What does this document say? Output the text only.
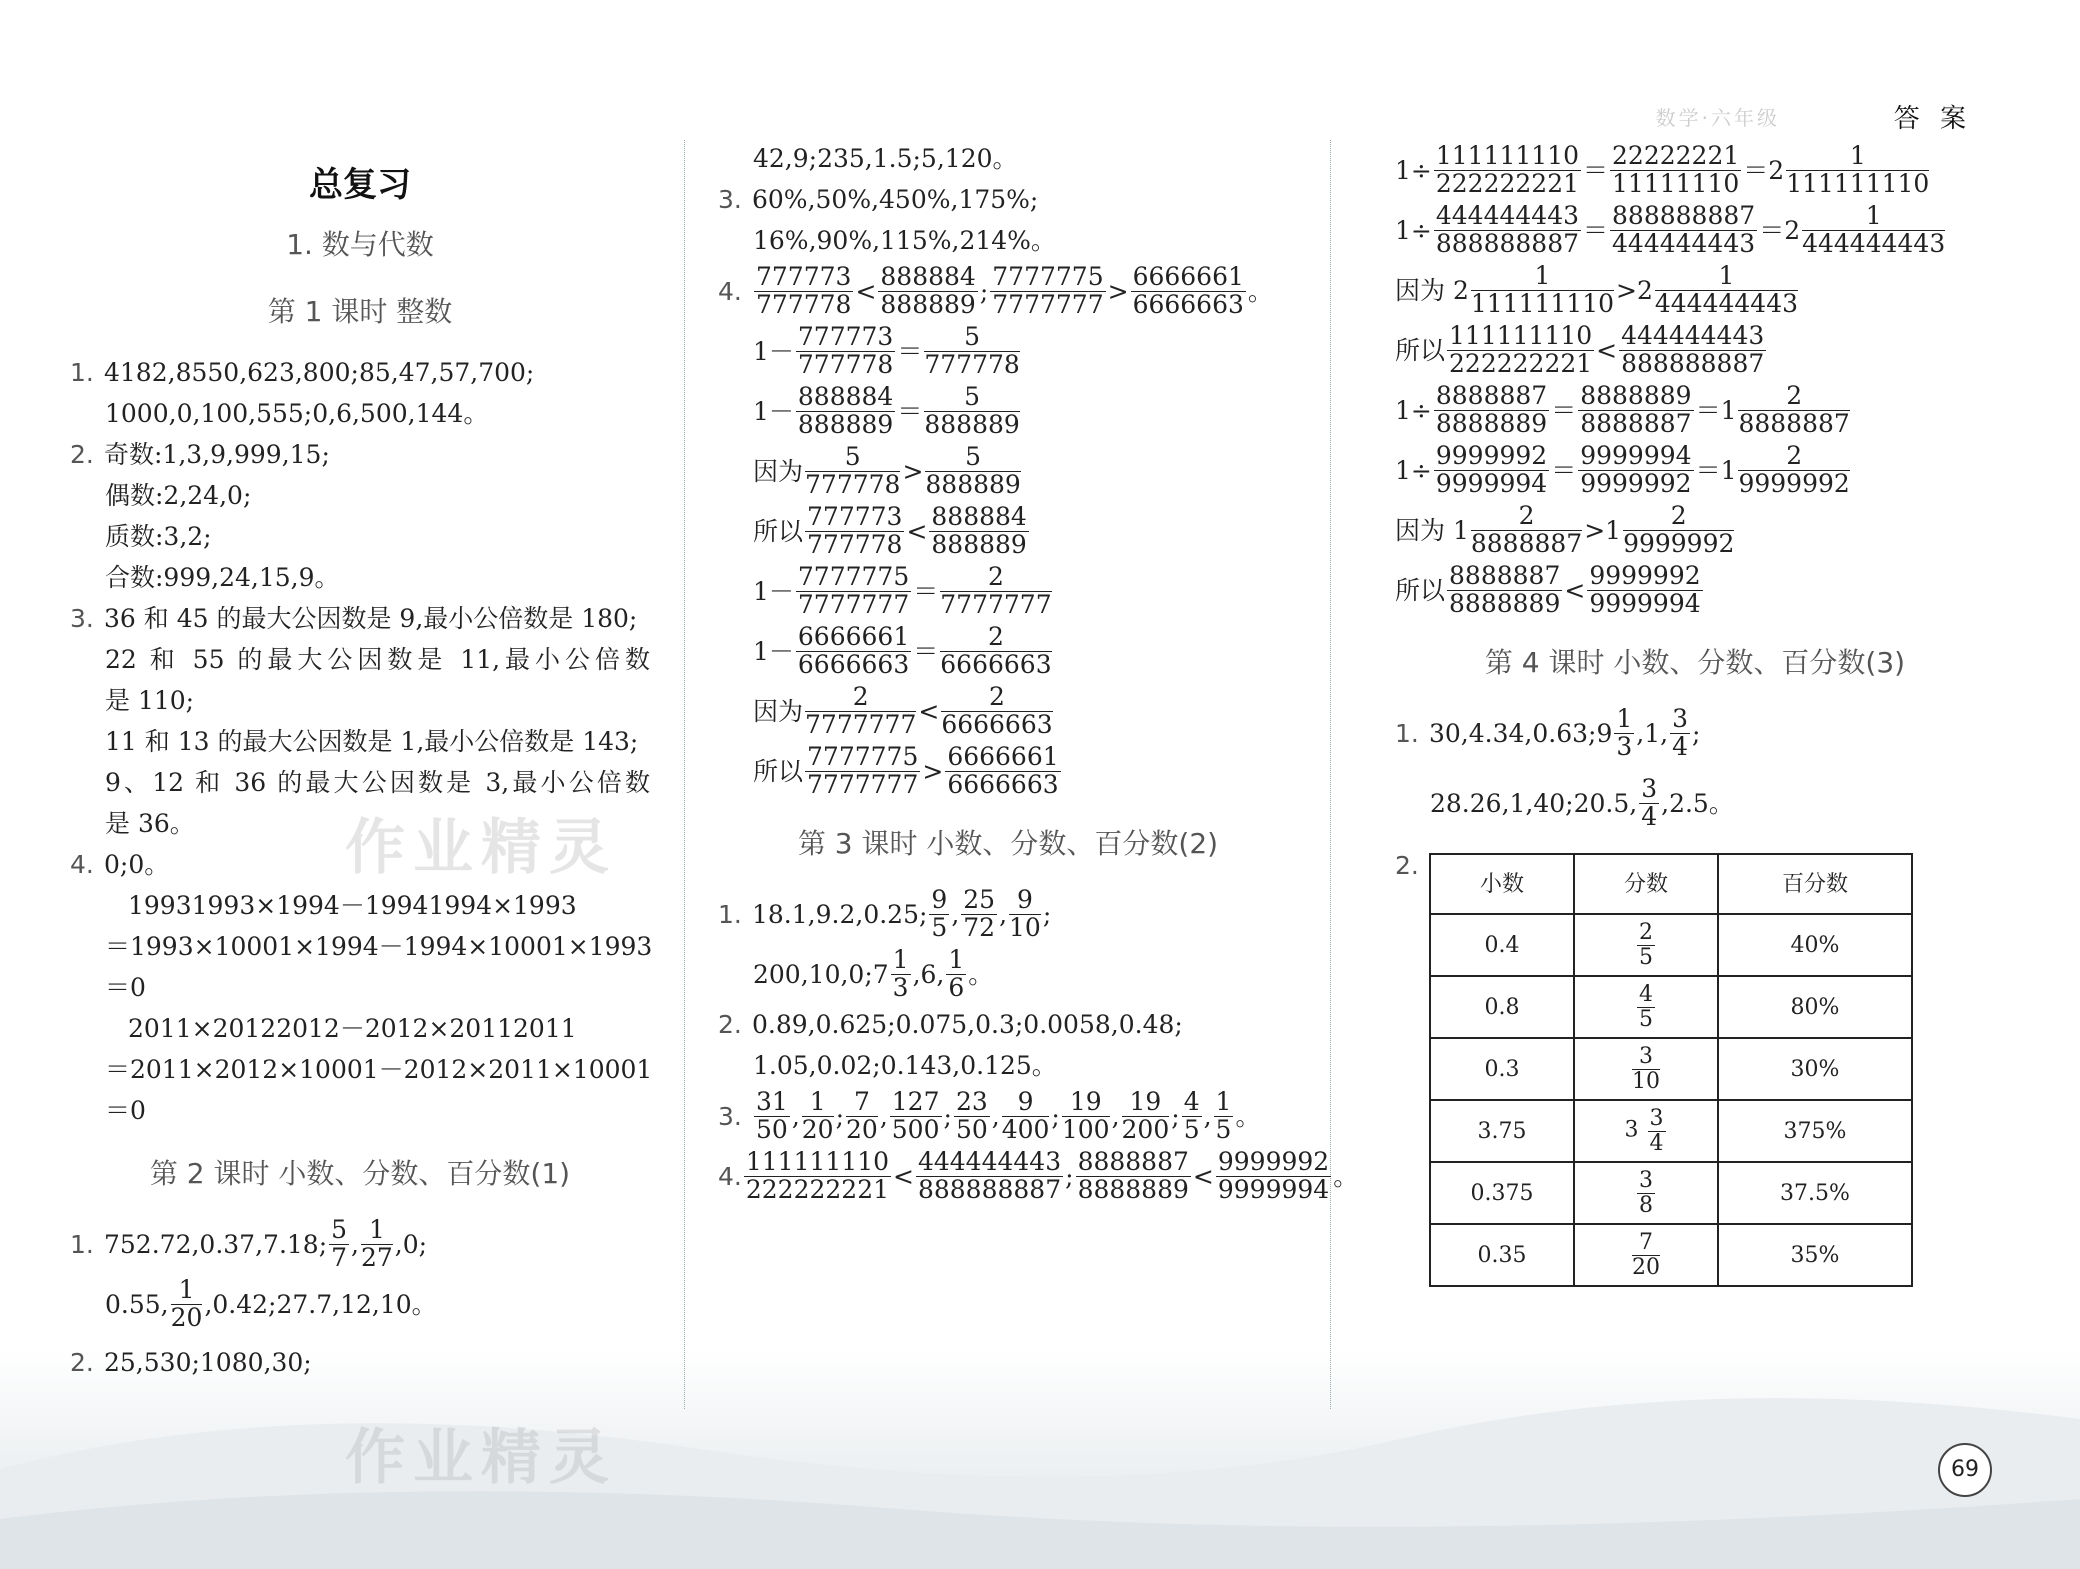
数学·六年级	答 案
作业精灵
作业精灵
总复习
1. 数与代数
第 1 课时 整数
1. 4182,8550,623,800;85,47,57,700;
1000,0,100,555;0,6,500,144。
2. 奇数:1,3,9,999,15;
偶数:2,24,0;
质数:3,2;
合数:999,24,15,9。
3. 36 和 45 的最大公因数是 9,最小公倍数是 180;
22 和 55 的最大公因数是 11,最小公倍数
是 110;
11 和 13 的最大公因数是 1,最小公倍数是 143;
9、12 和 36 的最大公因数是 3,最小公倍数
是 36。
4. 0;0。
19931993×1994－19941994×1993
＝1993×10001×1994－1994×10001×1993
＝0
2011×20122012－2012×20112011
＝2011×2012×10001－2012×2011×10001
＝0
第 2 课时 小数、分数、百分数(1)
1. 752.72,0.37,7.18; 5
7 , 1
27 ,0;
0.55, 1
20 ,0.42;27.7,12,10。
2. 25,530;1080,30;
42,9;235,1.5;5,120。
3. 60%,50%,450%,175%;
16%,90%,115%,214%。
4. 777773
777778 < 888884
888889 ; 7777775
7777777 > 6666661
6666663 。
1－ 777773
777778 ＝	5
777778
1－ 888884
888889 ＝	5
888889
因为	5
777778 >	5
888889
所以 777773
777778 < 888884
888889
1－ 7777775
7777777 ＝	2
7777777
1－ 6666661
6666663 ＝	2
6666663
因为	2
7777777 <	2
6666663
所以 7777775
7777777 > 6666661
6666663
第 3 课时 小数、分数、百分数(2)
1. 18.1,9.2,0.25; 9
5 , 25
72 , 9
10 ;
200,10,0;7 1
3 ,6, 1
6 。
2. 0.89,0.625;0.075,0.3;0.0058,0.48;
1.05,0.02;0.143,0.125。
3. 31
50 , 1
20 ; 7
20 , 127
500 ; 23
50 , 9
400 ; 19
100 , 19
200 ; 4
5 , 1
5 。
4. 111111110
222222221 < 444444443
888888887 ; 8888887
8888889 < 9999992
9999994 。
$1\div \frac{111111110}{222222221} = 22222221$
11111110 ＝2	1
111111110
$1\div \frac{444444443}{888888887} = 888888887$
444444443 ＝2	1
444444443
因为 2	1
111111110 >2	1
444444443
所以 111111110
222222221 < 444444443
888888887
$1\div \frac{8888887}{8888889} = 8888889$
8888887 ＝1	2
8888887
$1\div \frac{9999992}{9999994} = 9999994$
9999992 ＝1	2
9999992
因为 1	2
8888887 >1	2
9999992
所以 8888887
8888889 < 9999992
9999994
第 4 课时 小数、分数、百分数(3)
1. 30,4.34,0.63;9 1
3 ,1, 3
4 ;
28.26,1,40;20.5, 3
4 ,2.5。
2.
小数	分数	百分数
0.4	$\frac{2}{5}$	40%
0.8	$\frac{4}{5}$	80%
0.3	$\frac{3}{10}$	30%
3.75	$3 \frac{3}{4}$	375%
0.375	$\frac{3}{8}$	37.5%
0.35	$\frac{7}{20}$	35%
69
